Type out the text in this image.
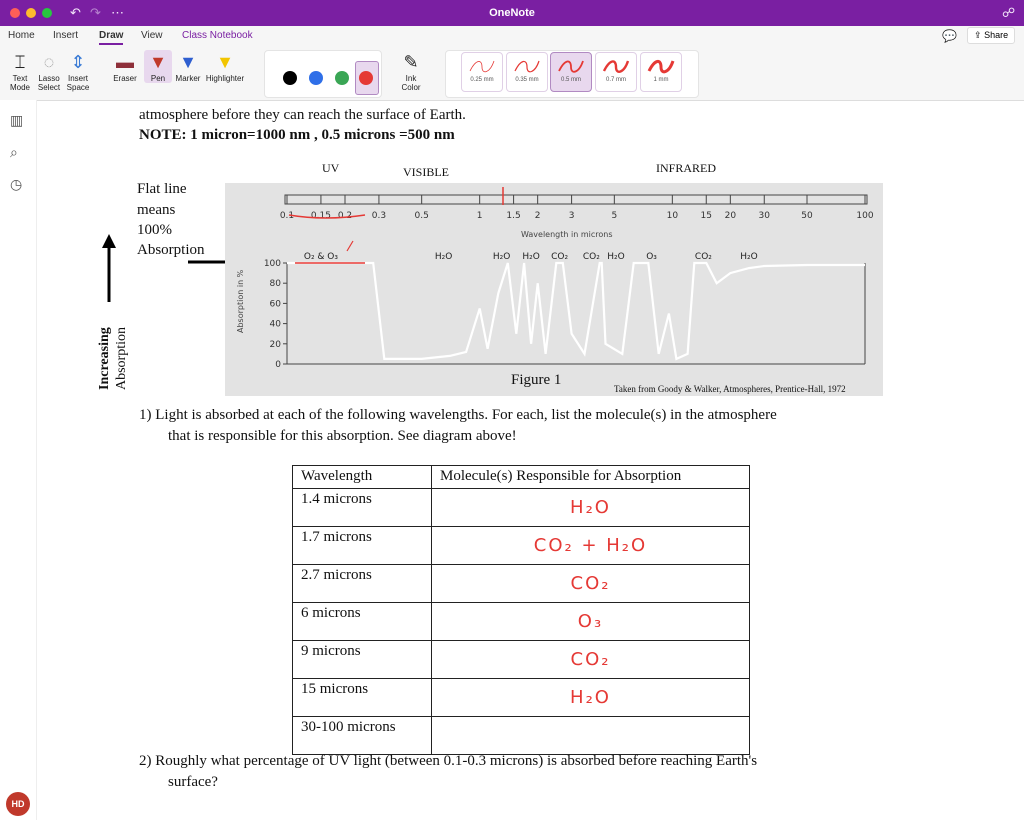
↶ ↷ ⋯	OneNote	☍
Home Insert Draw View Class Notebook	💬	⇪ Share
⌶
Text
Mode
◌
Lasso
Select
⇕
Insert
Space
▬
Eraser
▼
Pen
▼
Marker
▼
Highlighter
✎
Ink
Color
0.25 mm	0.35 mm	0.5 mm	0.7 mm	1 mm
▥
⌕
◷
HD
atmosphere before they can reach the surface of Earth.
NOTE: 1 micron=1000 nm , 0.5 microns =500 nm
UV	VISIBLE	INFRARED
Flat line
means
100%
Absorption
Increasing Absorption
Wavelength in microns
Absorption in %
0.1 0.15 0.2 0.3	0.5	1	1.5 2	3	5	10 15 20 30	50	100
0
20
40
60
80
100
O₂ & O₃	H₂O	H₂O H₂O CO₂ CO₂ H₂O O₃	CO₂	H₂O
Figure 1
Taken from Goody & Walker, Atmospheres, Prentice-Hall, 1972
1) Light is absorbed at each of the following wavelengths. For each, list the molecule(s) in the atmosphere
that is responsible for this absorption. See diagram above!
Wavelength	Molecule(s) Responsible for Absorption
1.4 microns	H₂O
1.7 microns	CO₂ + H₂O
2.7 microns	CO₂
6 microns	O₃
9 microns	CO₂
15 microns	H₂O
30-100 microns	
2) Roughly what percentage of UV light (between 0.1-0.3 microns) is absorbed before reaching Earth's
surface?
